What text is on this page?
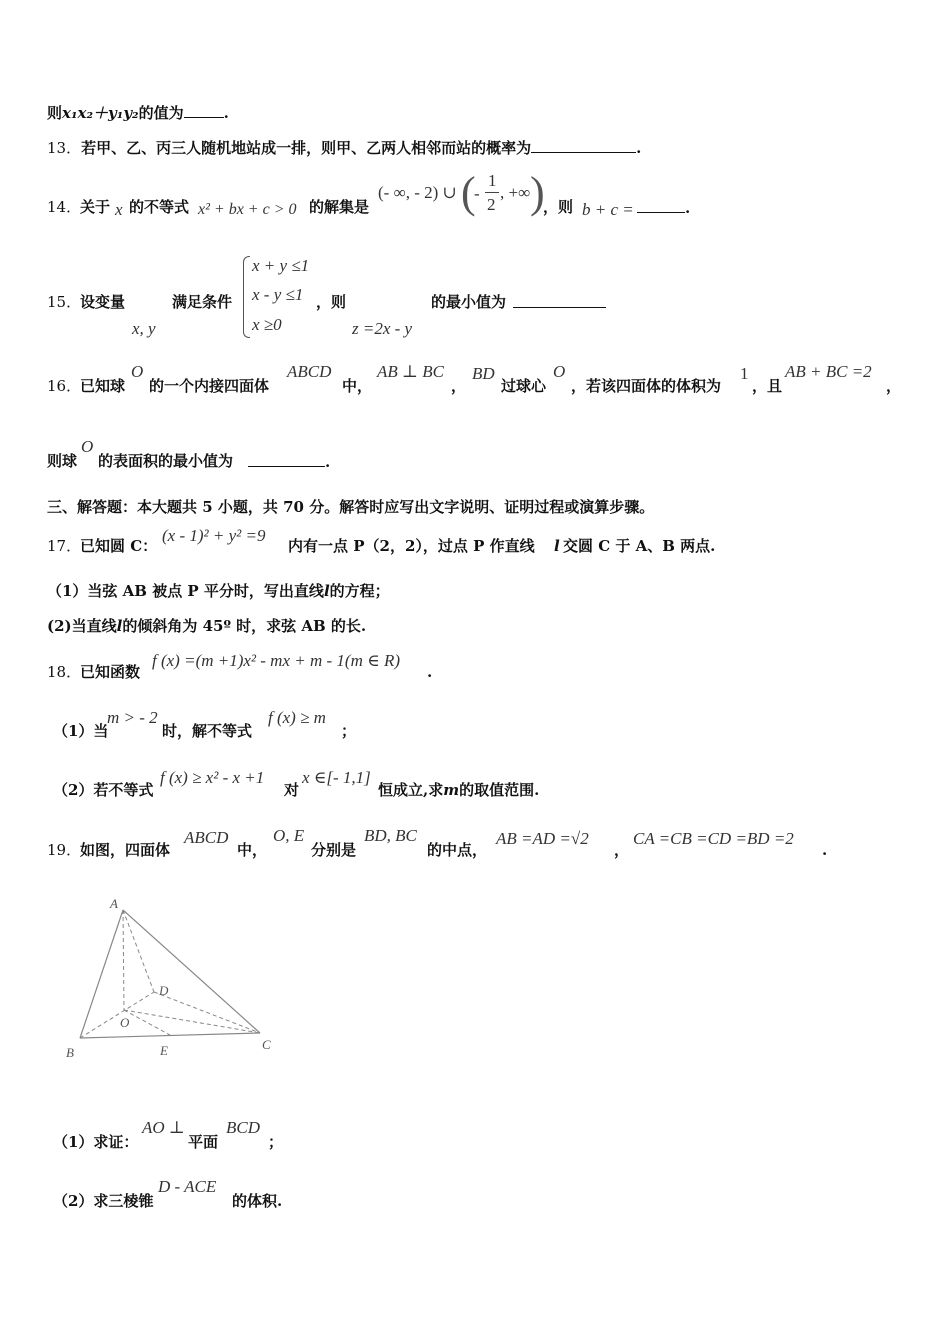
则x₁x₂＋y₁y₂的值为	.
13．若甲、乙、丙三人随机地站成一排，则甲、乙两人相邻而站的概率为	.
14．
关于 x 的不等式 x² + bx + c > 0 的解集是
(- ∞, - 2) ∪ (
-
1
2
, +∞ )
，则 b + c =	.
15．
设变量
x, y
满足条件
x + y ≤1
x - y ≤1
x ≥0
，则
z =2x - y
的最小值为
16．
已知球
O
的一个内接四面体
ABCD
中，
AB ⊥ BC
，
BD
过球心
O
，若该四面体的体积为
1
，且
AB + BC =2
，
则球
O
的表面积的最小值为	.
三、解答题：本大题共 5 小题，共 70 分。解答时应写出文字说明、证明过程或演算步骤。
17．
已知圆 C：
(x - 1)² + y² =9
内有一点 P（2，2），过点 P 作直线 l 交圆 C 于 A、B 两点.
（1）当弦 AB 被点 P 平分时，写出直线l的方程；
(2)当直线l的倾斜角为 45º 时，求弦 AB 的长.
18．
已知函数
f (x) =(m +1)x² - mx + m - 1(m ∈ R)
.
（1）当
m > - 2
时，解不等式
f (x) ≥ m
；
（2）若不等式
f (x) ≥ x² - x +1
对
x ∈[- 1,1]
恒成立,求m的取值范围.
19．
如图，四面体
ABCD
中，
O, E
分别是
BD, BC
的中点，
AB =AD =√2
，
CA =CB =CD =BD =2
.
A
B
C
D
O
E
（1）求证：
AO ⊥
平面
BCD
；
（2）求三棱锥
D - ACE
的体积.
